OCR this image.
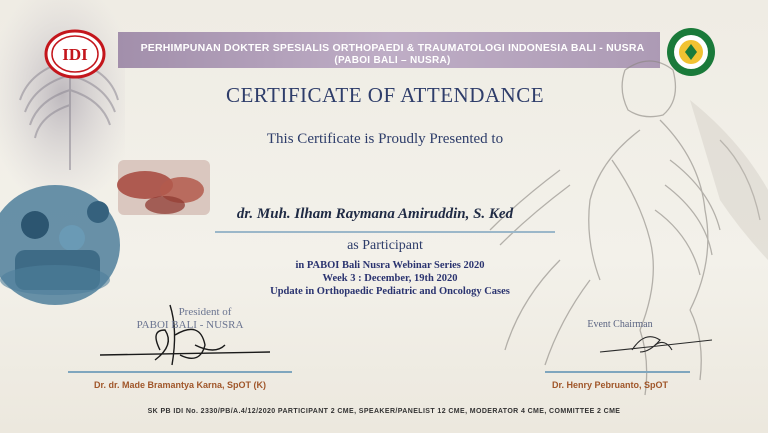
IDI	PERHIMPUNAN DOKTER SPESIALIS ORTHOPAEDI & TRAUMATOLOGI INDONESIA BALI - NUSRA
(PABOI BALI – NUSRA)
CERTIFICATE OF ATTENDANCE
This Certificate is Proudly Presented to
dr. Muh. Ilham Raymana Amiruddin, S. Ked
as Participant
in PABOI Bali Nusra Webinar Series 2020
Week 3 : December, 19th 2020
Update in Orthopaedic Pediatric and Oncology Cases
President of
PABOI BALI - NUSRA	Event Chairman
Dr. dr. Made Bramantya Karna, SpOT (K)	Dr. Henry Pebruanto, SpOT
SK PB IDI No. 2330/PB/A.4/12/2020 PARTICIPANT 2 CME, SPEAKER/PANELIST 12 CME, MODERATOR 4 CME, COMMITTEE 2 CME
